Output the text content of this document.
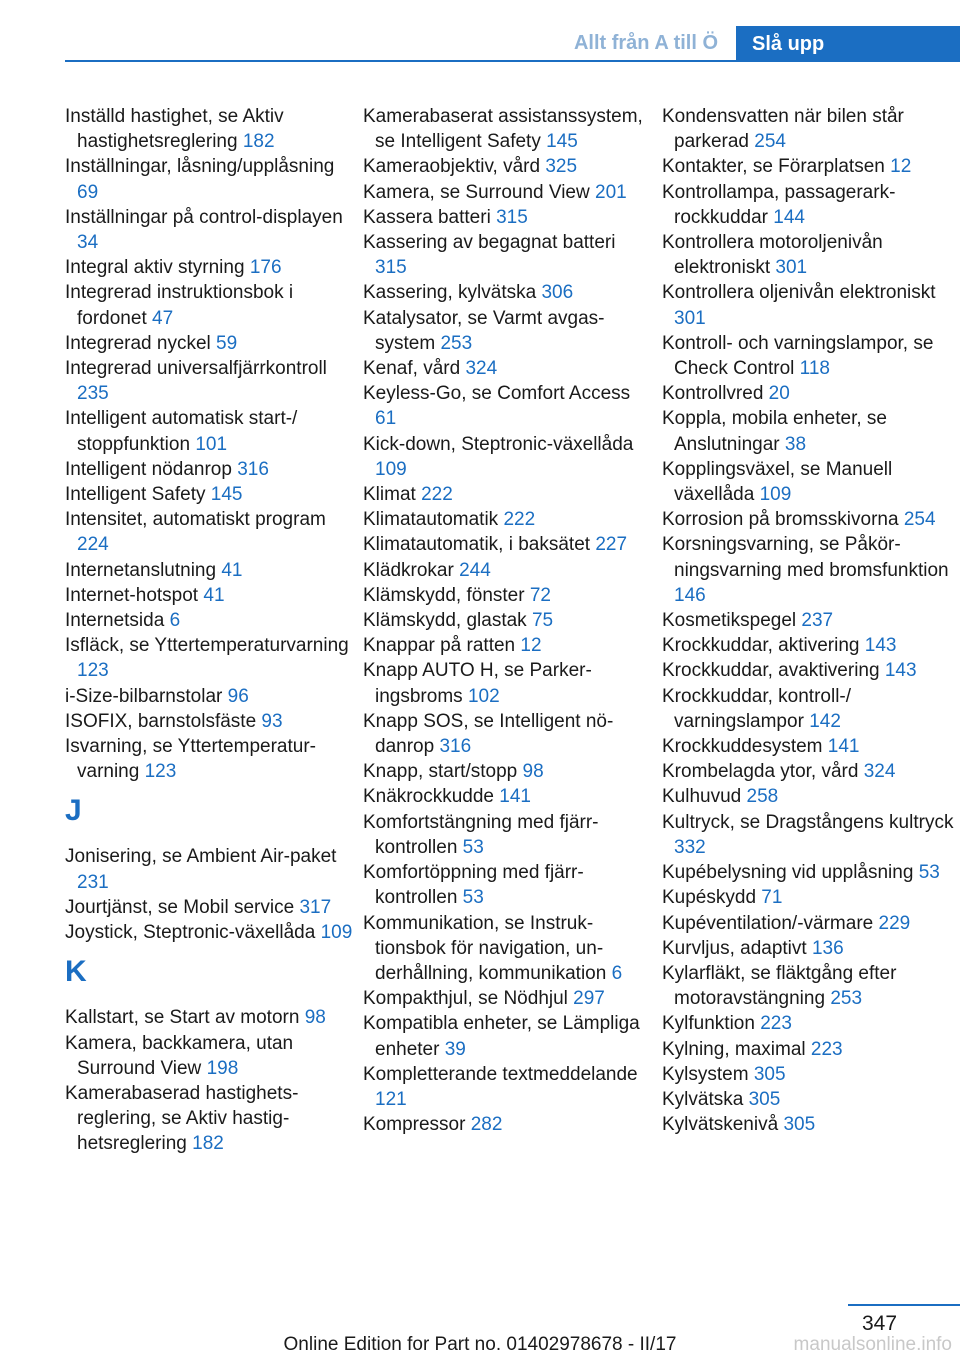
Allt från A till Ö	Slå upp
Inställd hastighet, se Aktiv hastighetsreglering 182
Inställningar, låsning/upplåsning 69
Inställningar på control-displayen 34
Integral aktiv styrning 176
Integrerad instruktionsbok i fordonet 47
Integrerad nyckel 59
Integrerad universalfjärrkontroll 235
Intelligent automatisk start-/ stoppfunktion 101
Intelligent nödanrop 316
Intelligent Safety 145
Intensitet, automatiskt program 224
Internetanslutning 41
Internet-hotspot 41
Internetsida 6
Isfläck, se Yttertemperaturvarning 123
i-Size-bilbarnstolar 96
ISOFIX, barnstolsfäste 93
Isvarning, se Yttertemperaturvarning 123
J
Jonisering, se Ambient Air-paket 231
Jourtjänst, se Mobil service 317
Joystick, Steptronic-växellåda 109
K
Kallstart, se Start av motorn 98
Kamera, backkamera, utan Surround View 198
Kamerabaserad hastighetsreglering, se Aktiv hastighetsreglering 182
Kamerabaserat assistanssystem, se Intelligent Safety 145
Kameraobjektiv, vård 325
Kamera, se Surround View 201
Kassera batteri 315
Kassering av begagnat batteri 315
Kassering, kylvätska 306
Katalysator, se Varmt avgassystem 253
Kenaf, vård 324
Keyless-Go, se Comfort Access 61
Kick-down, Steptronic-växellåda 109
Klimat 222
Klimatautomatik 222
Klimatautomatik, i baksätet 227
Klädkrokar 244
Klämskydd, fönster 72
Klämskydd, glastak 75
Knappar på ratten 12
Knapp AUTO H, se Parkeringsbroms 102
Knapp SOS, se Intelligent nödanrop 316
Knapp, start/stopp 98
Knäkrockkudde 141
Komfortstängning med fjärrkontrollen 53
Komfortöppning med fjärrkontrollen 53
Kommunikation, se Instruktionsbok för navigation, underhållning, kommunikation 6
Kompakthjul, se Nödhjul 297
Kompatibla enheter, se Lämpliga enheter 39
Kompletterande textmeddelande 121
Kompressor 282
Kondensvatten när bilen står parkerad 254
Kontakter, se Förarplatsen 12
Kontrollampa, passagerarkrockkuddar 144
Kontrollera motoroljenivån elektroniskt 301
Kontrollera oljenivån elektroniskt 301
Kontroll- och varningslampor, se Check Control 118
Kontrollvred 20
Koppla, mobila enheter, se Anslutningar 38
Kopplingsväxel, se Manuell växellåda 109
Korrosion på bromsskivorna 254
Korsningsvarning, se Påkörningsvarning med bromsfunktion 146
Kosmetikspegel 237
Krockkuddar, aktivering 143
Krockkuddar, avaktivering 143
Krockkuddar, kontroll-/ varningslampor 142
Krockkuddesystem 141
Krombelagda ytor, vård 324
Kulhuvud 258
Kultryck, se Dragstångens kultryck 332
Kupébelysning vid upplåsning 53
Kupéskydd 71
Kupéventilation/-värmare 229
Kurvljus, adaptivt 136
Kylarfläkt, se fläktgång efter motoravstängning 253
Kylfunktion 223
Kylning, maximal 223
Kylsystem 305
Kylvätska 305
Kylvätskenivå 305
347
Online Edition for Part no. 01402978678 - II/17	manualsonline.info
